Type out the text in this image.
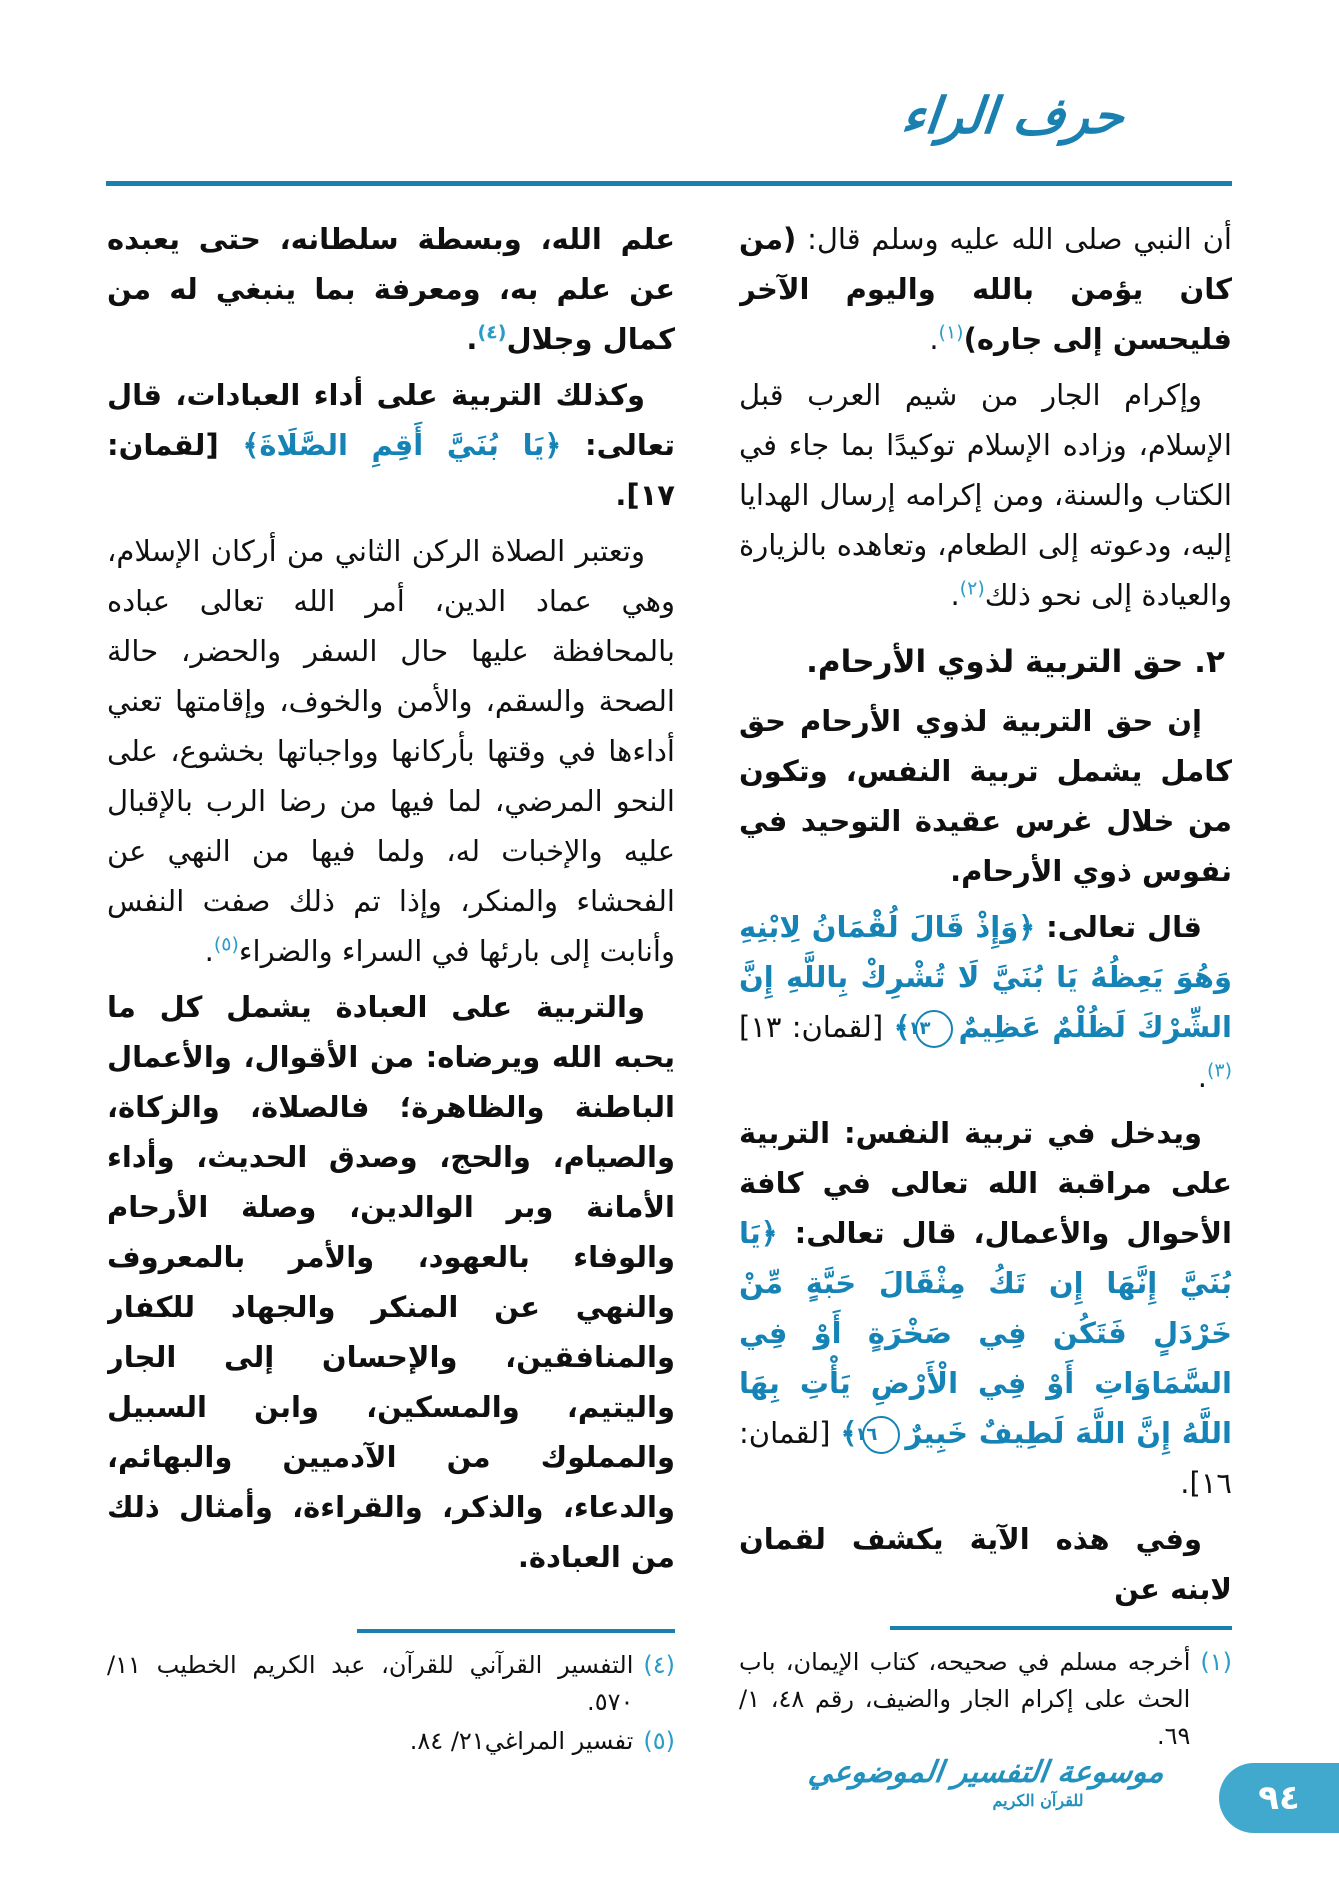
حرف الراء

أن النبي صلى الله عليه وسلم قال: (من كان يؤمن بالله واليوم الآخر فليحسن إلى جاره)$^{(١)}$.

وإكرام الجار من شيم العرب قبل الإسلام، وزاده الإسلام توكيدًا بما جاء في الكتاب والسنة، ومن إكرامه إرسال الهدايا إليه، ودعوته إلى الطعام، وتعاهده بالزيارة والعيادة إلى نحو ذلك$^{(٢)}$.

٢. حق التربية لذوي الأرحام.

إن حق التربية لذوي الأرحام حق كامل يشمل تربية النفس، وتكون من خلال غرس عقيدة التوحيد في نفوس ذوي الأرحام.

قال تعالى: ﴿وَإِذْ قَالَ لُقْمَانُ لِابْنِهِ وَهُوَ يَعِظُهُ يَا بُنَيَّ لَا تُشْرِكْ بِاللَّهِ إِنَّ الشِّرْكَ لَظُلْمٌ عَظِيمٌ١٣﴾ [لقمان: ١٣] $^{(٣)}$.

ويدخل في تربية النفس: التربية على مراقبة الله تعالى في كافة الأحوال والأعمال، قال تعالى: ﴿يَا بُنَيَّ إِنَّهَا إِن تَكُ مِثْقَالَ حَبَّةٍ مِّنْ خَرْدَلٍ فَتَكُن فِي صَخْرَةٍ أَوْ فِي السَّمَاوَاتِ أَوْ فِي الْأَرْضِ يَأْتِ بِهَا اللَّهُ إِنَّ اللَّهَ لَطِيفٌ خَبِيرٌ١٦﴾ [لقمان: ١٦].

وفي هذه الآية يكشف لقمان لابنه عن

(١)
أخرجه مسلم في صحيحه، كتاب الإيمان، باب الحث على إكرام الجار والضيف، رقم ٤٨، ١/ ٦٩.

علم الله، وبسطة سلطانه، حتى يعبده عن علم به، ومعرفة بما ينبغي له من كمال وجلال$^{(٤)}$.

وكذلك التربية على أداء العبادات، قال تعالى: ﴿يَا بُنَيَّ أَقِمِ الصَّلَاةَ﴾ [لقمان: ١٧].

وتعتبر الصلاة الركن الثاني من أركان الإسلام، وهي عماد الدين، أمر الله تعالى عباده بالمحافظة عليها حال السفر والحضر، حالة الصحة والسقم، والأمن والخوف، وإقامتها تعني أداءها في وقتها بأركانها وواجباتها بخشوع، على النحو المرضي، لما فيها من رضا الرب بالإقبال عليه والإخبات له، ولما فيها من النهي عن الفحشاء والمنكر، وإذا تم ذلك صفت النفس وأنابت إلى بارئها في السراء والضراء$^{(٥)}$.

والتربية على العبادة يشمل كل ما يحبه الله ويرضاه: من الأقوال، والأعمال الباطنة والظاهرة؛ فالصلاة، والزكاة، والصيام، والحج، وصدق الحديث، وأداء الأمانة وبر الوالدين، وصلة الأرحام والوفاء بالعهود، والأمر بالمعروف والنهي عن المنكر والجهاد للكفار والمنافقين، والإحسان إلى الجار واليتيم، والمسكين، وابن السبيل والمملوك من الآدميين والبهائم، والدعاء، والذكر، والقراءة، وأمثال ذلك من العبادة.

(٤)
التفسير القرآني للقرآن، عبد الكريم الخطيب ١١/ ٥٧٠.
(٥)
تفسير المراغي٢١/ ٨٤.
موسوعة التفسير الموضوعي
للقرآن الكريم	٩٤
